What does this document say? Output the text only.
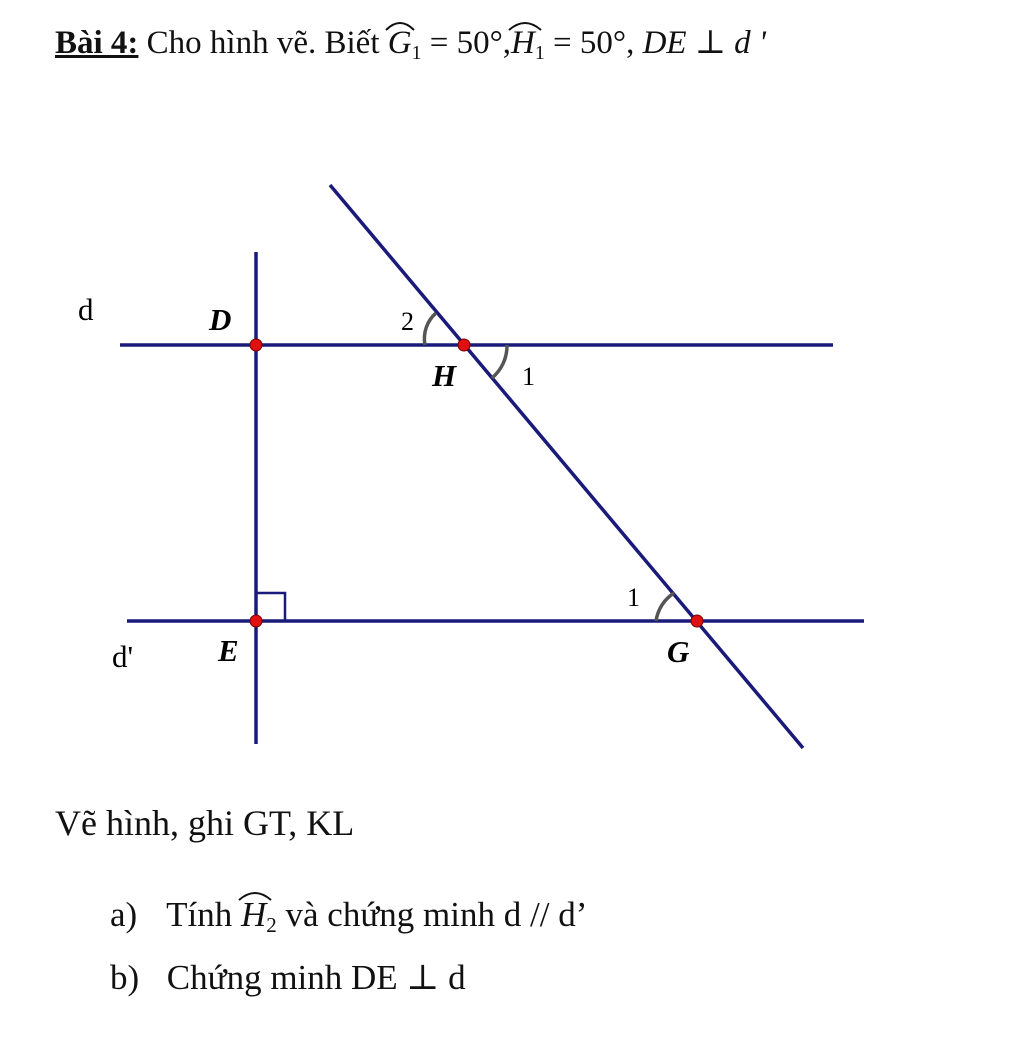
Bài 4: Cho hình vẽ. Biết $G_1 = 50^\circ$,
$H_1 = 50^\circ$, DE ⊥ d '
d
d'
D
H
E	G
2
1
1
Vẽ hình, ghi GT, KL
a) Tính $H_2$ và chứng minh d // d’
b) Chứng minh DE ⊥ d
